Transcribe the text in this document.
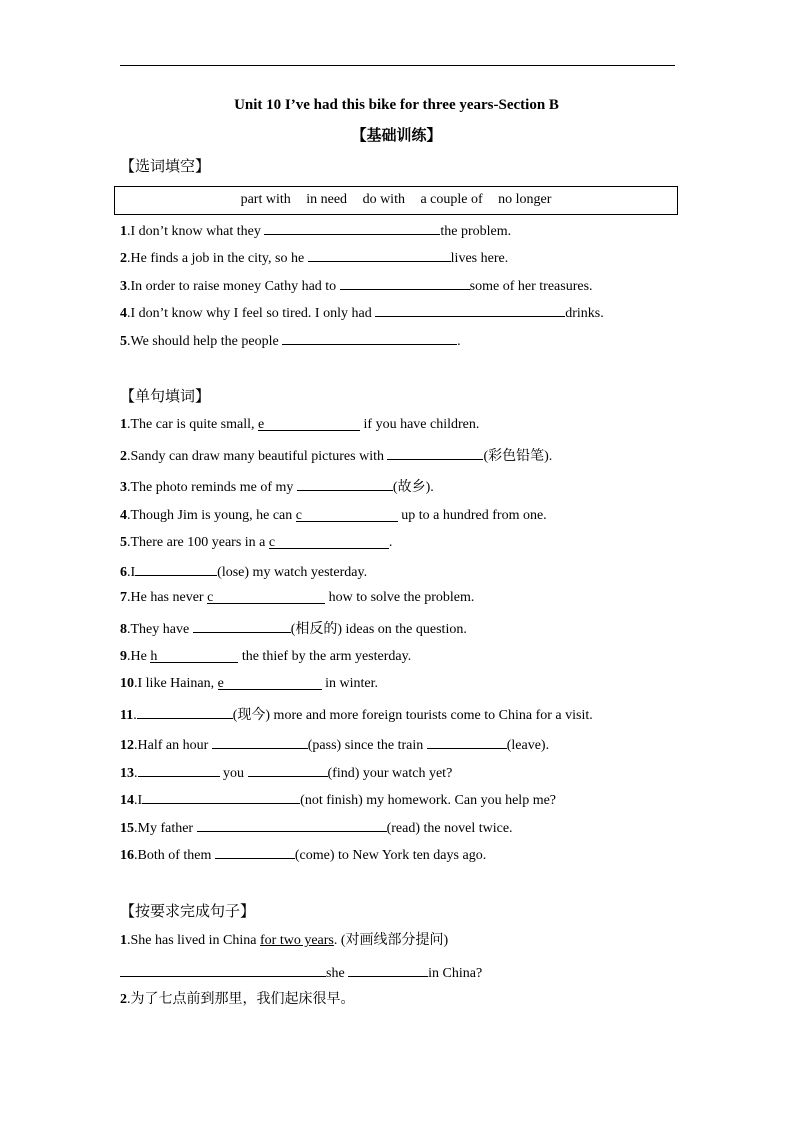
Unit 10 I’ve had this bike for three years-Section B
【基础训练】
【选词填空】
part with in need do with a couple of no longer
1.I don’t know what they	the problem.
2.He finds a job in the city, so he	lives here.
3.In order to raise money Cathy had to	some of her treasures.
4.I don’t know why I feel so tired. I only had	drinks.
5.We should help the people	.
【单句填词】
1.The car is quite small, e	if you have children.
2.Sandy can draw many beautiful pictures with	(彩色铅笔).
3.The photo reminds me of my	(故乡).
4.Though Jim is young, he can c	up to a hundred from one.
5.There are 100 years in a c	.
6.I	(lose) my watch yesterday.
7.He has never c	how to solve the problem.
8.They have	(相反的) ideas on the question.
9.He h	the thief by the arm yesterday.
10.I like Hainan, e	in winter.
11.	(现今) more and more foreign tourists come to China for a visit.
12.Half an hour	(pass) since the train	(leave).
13.	you	(find) your watch yet?
14.I	(not finish) my homework. Can you help me?
15.My father	(read) the novel twice.
16.Both of them	(come) to New York ten days ago.
【按要求完成句子】
1.She has lived in China for two years. (对画线部分提问)
she	in China?
2.为了七点前到那里，我们起床很早。
